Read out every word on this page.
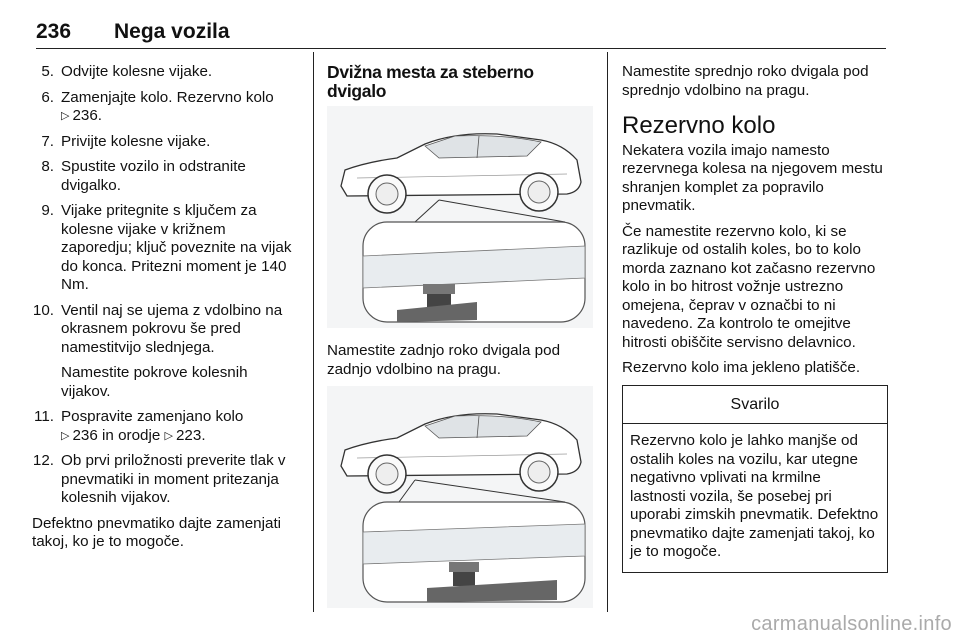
236 Nega vozila
5. Odvijte kolesne vijake.
6. Zamenjajte kolo. Rezervno kolo
▷ 236.
7. Privijte kolesne vijake.
8. Spustite vozilo in odstranite dvigalko.
9. Vijake pritegnite s ključem za kolesne vijake v križnem zaporedju; ključ poveznite na vijak do konca. Pritezni moment je 140 Nm.
10. Ventil naj se ujema z vdolbino na okrasnem pokrovu še pred namestitvijo slednjega.
Namestite pokrove kolesnih vijakov.
11. Pospravite zamenjano kolo
▷ 236 in orodje ▷ 223.
12. Ob prvi priložnosti preverite tlak v pnevmatiki in moment pritezanja kolesnih vijakov.

Defektno pnevmatiko dajte zamenjati takoj, ko je to mogoče.

Dvižna mesta za steberno dvigalo

Namestite zadnjo roko dvigala pod zadnjo vdolbino na pragu.

Namestite sprednjo roko dvigala pod sprednjo vdolbino na pragu.

Rezervno kolo

Nekatera vozila imajo namesto rezervnega kolesa na njegovem mestu shranjen komplet za popravilo pnevmatik.

Če namestite rezervno kolo, ki se razlikuje od ostalih koles, bo to kolo morda zaznano kot začasno rezervno kolo in bo hitrost vožnje ustrezno omejena, čeprav v označbi to ni navedeno. Za kontrolo te omejitve hitrosti obiščite servisno delavnico.

Rezervno kolo ima jekleno platišče.

Svarilo
Rezervno kolo je lahko manjše od ostalih koles na vozilu, kar utegne negativno vplivati na krmilne lastnosti vozila, še posebej pri uporabi zimskih pnevmatik. Defektno pnevmatiko dajte zamenjati takoj, ko je to mogoče.
carmanualsonline.info
